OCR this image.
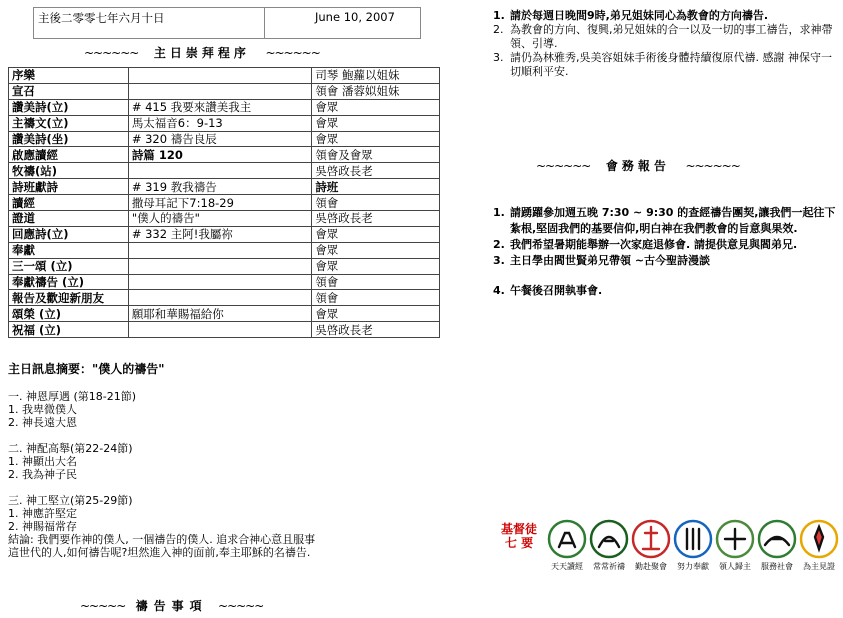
主後二零零七年六月十日	June 10, 2007
~~~~~~ 主日崇拜程序 ~~~~~~
序樂		司琴 鮑蘿以姐妹
宣召		領會 潘蓉姒姐妹
讚美詩(立)	# 415 我要來讚美我主	會眾
主禱文(立)	馬太福音6：9-13	會眾
讚美詩(坐)	# 320 禱告良辰	會眾
啟應讀經	詩篇 120	領會及會眾
牧禱(站)		吳啓政長老
詩班獻詩	# 319 教我禱告	詩班
讀經	撒母耳記下7:18-29	領會
證道	"僕人的禱告"	吳啓政長老
回應詩(立)	# 332 主阿!我屬祢	會眾
奉獻		會眾
三一頌 (立)		會眾
奉獻禱告 (立)		領會
報告及歡迎新朋友		領會
頌榮 (立)	願耶和華賜福給你	會眾
祝福 (立)		吳啓政長老
主日訊息摘要："僕人的禱告"
一. 神恩厚遇 (第18-21節)
1. 我卑微僕人
2. 神長遠大恩
二. 神配高舉(第22-24節)
1. 神顯出大名
2. 我為神子民
三. 神工堅立(第25-29節)
1. 神應許堅定
2. 神賜福常存
結論: 我們要作神的僕人, 一個禱告的僕人. 追求合神心意且服事
這世代的人,如何禱告呢?坦然進入神的面前,奉主耶穌的名禱告.
~~~~~ 禱告事項 ~~~~~
1. 請於每週日晚間9時,弟兄姐妹同心為教會的方向禱告.
2. 為教會的方向、復興,弟兄姐妹的合一以及一切的事工禱告，求神帶領、引導.
3. 請仍為林雅秀,吳美容姐妹手術後身體持續復原代禱. 感謝 神保守一切順利平安.
~~~~~~ 會務報告 ~~~~~~
1. 請踴躍參加週五晚 7:30 ~ 9:30 的查經禱告團契,讓我們一起往下紮根,堅固我們的基要信仰,明白神在我們教會的旨意與果效.
2. 我們希望暑期能舉辦一次家庭退修會. 請提供意見與閻弟兄.
3. 主日學由閻世賢弟兄帶領 ~古今聖詩漫談
4. 午餐後召開執事會.
基督徒
七 要
天天讀經	常常祈禱	勤赴聚會	努力奉獻	領人歸主	服務社會	為主見證
